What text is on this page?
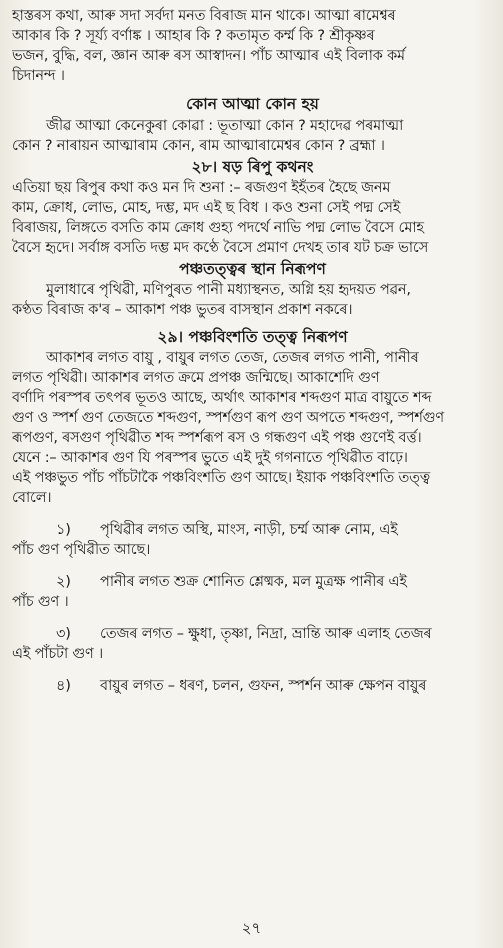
হাস্তৰস কথা, আৰু সদা সৰ্বদা মনত বিৰাজ মান থাকে। আত্মা ৰামেশ্বৰ
আকাৰ কি ? সূৰ্য্য বৰ্ণাঙ্ক । আহাৰ কি ? কতামৃত কৰ্ম্ম কি ? শ্ৰীকৃষ্ণৰ
ভজন, বুদ্ধি, বল, জ্ঞান আৰু ৰস আস্বাদন। পাঁচ আত্মাৰ এই বিলাক কৰ্ম
চিদানন্দ ।
কোন আত্মা কোন হয়
জীৱ আত্মা কেনেকুৰা কোৱা : ভূতাত্মা কোন ? মহাদেৱ পৰমাত্মা
কোন ? নাৰায়ন আত্মাৰাম কোন, ৰাম আত্মাৰামেশ্বৰ কোন ? ব্ৰহ্মা ।
২৮। ষড় ৰিপু কথনং
এতিয়া ছয় ৰিপুৰ কথা কও মন দি শুনা :– ৰজগুণ ইহঁতৰ হৈছে জনম
কাম, ক্ৰোধ, লোভ, মোহ, দম্ভ, মদ এই ছ বিধ । কও শুনা সেই পদ্ম সেই
বিৰাজয়, লিঙ্গতে বসতি কাম ক্ৰোধ গুহ্য পদৰ্থে নাভি পদ্ম লোভ বৈসে মোহ
বৈসে হৃদে। সৰ্বাঙ্গ বসতি দম্ভ মদ কণ্ঠে বৈসে প্ৰমাণ দেখহ তাৰ যট চক্ৰ ভাসে
পঞ্চতত্ত্বৰ স্থান নিৰূপণ
মুলাধাৰে পৃথিৱী, মণিপুৰত পানী মধ্যাস্থনত, অগ্নি হয় হৃদয়ত পৱন,
কণ্ঠত বিৰাজ ক'ৰ – আকাশ পঞ্চ ভুতৰ বাসস্থান প্ৰকাশ নকৰে।
২৯। পঞ্চবিংশতি তত্ত্ব নিৰূপণ
আকাশৰ লগত বায়ু , বায়ুৰ লগত তেজ, তেজৰ লগত পানী, পানীৰ
লগত পৃথিৱী। আকাশৰ লগত ক্ৰমে প্ৰপঞ্চ জন্মিছে। আকাশেদি গুণ
বৰ্ণাদি পৰস্পৰ তৎপৰ ভূতও আছে, অৰ্থাৎ আকাশৰ শব্দগুণ মাত্ৰ বায়ুতে শব্দ
গুণ ও স্পৰ্শ গুণ তেজতে শব্দগুণ, স্পৰ্শগুণ ৰূপ গুণ অপতে শব্দগুণ, স্পৰ্শগুণ
ৰূপগুণ, ৰসগুণ পৃথিৱীত শব্দ স্পৰ্শৰূপ ৰস ও গন্ধগুণ এই পঞ্চ গুণেই বৰ্ত্ত।
যেনে :– আকাশৰ গুণ যি পৰস্পৰ ভুতে এই দুই গগনাতে পৃথিৱীত বাঢ়ে।
এই পঞ্চভুত পাঁচ পাঁচটাকৈ পঞ্চবিংশতি গুণ আছে। ইয়াক পঞ্চবিংশতি তত্ত্ব
বোলে।
১) পৃথিৱীৰ লগত অস্থি, মাংস, নাড়ী, চৰ্ম্ম আৰু নোম, এই
পাঁচ গুণ পৃথিৱীত আছে।
২) পানীৰ লগত শুক্ৰ শোনিত শ্লেষ্মক, মল মুত্ৰক্ষ পানীৰ এই
পাঁচ গুণ ।
৩) তেজৰ লগত – ক্ষুধা, তৃষ্ণা, নিদ্ৰা, ভ্ৰান্তি আৰু এলাহ তেজৰ
এই পাঁচটা গুণ ।
৪) বায়ুৰ লগত – ধৰণ, চলন, গুফন, স্পৰ্শন আৰু ক্ষেপন বায়ুৰ
২৭
